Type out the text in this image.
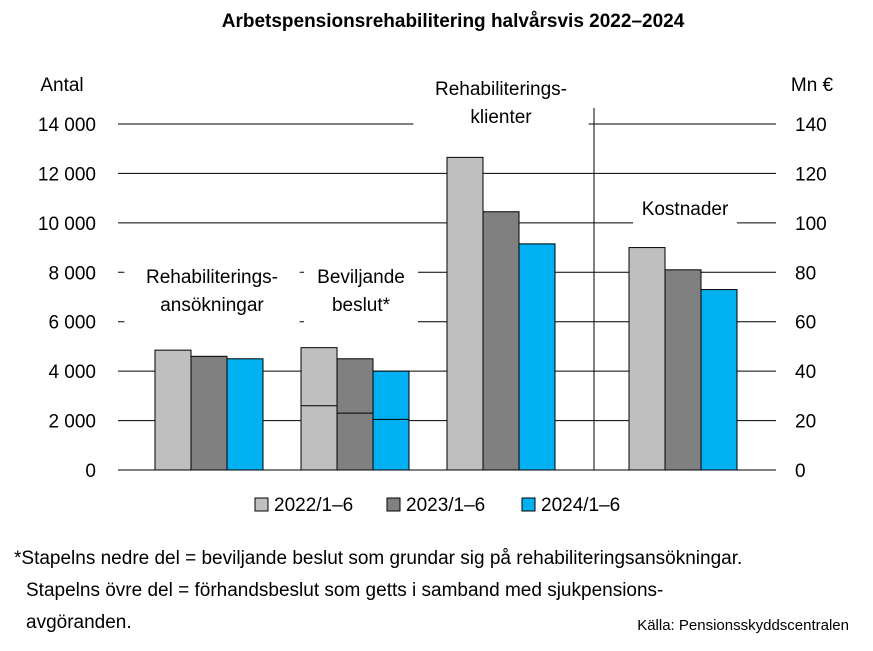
Arbetspensionsrehabilitering halvårsvis 2022–2024
Antal	Mn €
0
2 000
4 000
6 000
8 000
10 000
12 000
14 000
0
20
40
60
80
100
120
140
Rehabiliterings-
ansökningar
Beviljande
beslut*
Rehabiliterings-
klienter
Kostnader
2022/1–6	2023/1–6	2024/1–6
*Stapelns nedre del = beviljande beslut som grundar sig på rehabiliteringsansökningar.
Stapelns övre del = förhandsbeslut som getts i samband med sjukpensions-
avgöranden.	Källa: Pensionsskyddscentralen
